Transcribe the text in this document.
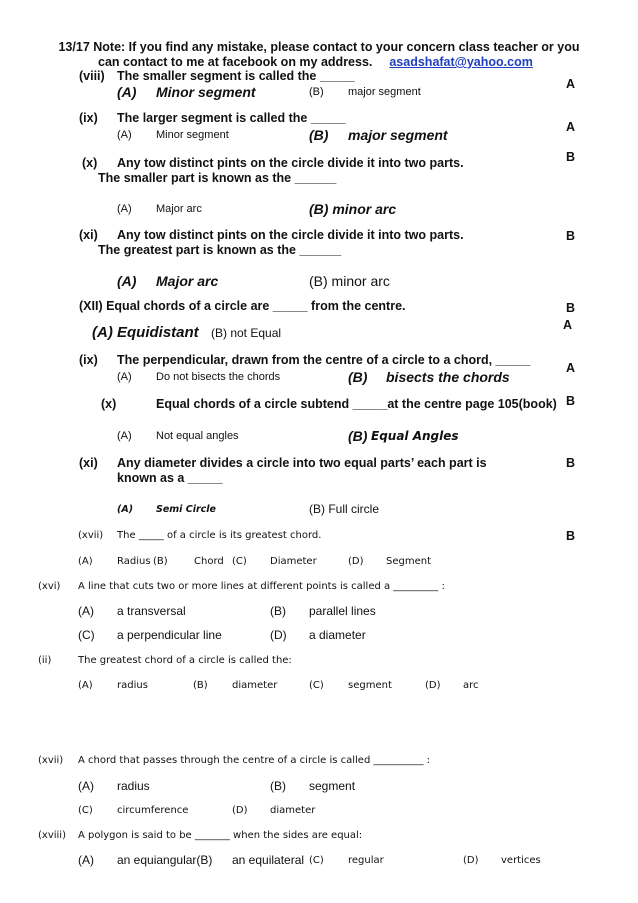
13/17 Note: If you find any mistake, please contact to your concern class teacher or you
can contact to me at facebook on my address. asadshafat@yahoo.com
(viii) The smaller segment is called the _____
(A) Minor segment	(B) major segment
A
(ix) The larger segment is called the _____
(A) Minor segment	(B) major segment	A
(x) Any tow distinct pints on the circle divide it into two parts.
The smaller part is known as the ______
(A) Major arc	(B) minor arc
B
(xi) Any tow distinct pints on the circle divide it into two parts.
The greatest part is known as the ______
(A) Major arc	(B) minor arc
B
(XII) Equal chords of a circle are _____ from the centre.	B
(A) Equidistant (B) not Equal
A
(ix) The perpendicular, drawn from the centre of a circle to a chord, _____
(A) Do not bisects the chords	(B) bisects the chords
A
(x)	Equal chords of a circle subtend _____at the centre page 105(book) B
(A) Not equal angles	(B) Equal Angles
(xi) Any diameter divides a circle into two equal parts’ each part is
known as a _____
B
(A) Semi Circle	(B) Full circle
(xvii) The _____ of a circle is its greatest chord.	B
(A) Radius (B)	Chord (C) Diameter	(D) Segment
(xvi) A line that cuts two or more lines at different points is called a _________ :
(A) a transversal	(B) parallel lines
(C) a perpendicular line	(D) a diameter
(ii)	The greatest chord of a circle is called the:
(A) radius	(B) diameter	(C) segment	(D) arc
(xvii) A chord that passes through the centre of a circle is called __________ :
(A) radius	(B) segment
(C) circumference	(D) diameter
(xviii) A polygon is said to be _______ when the sides are equal:
(A) an equiangular(B) an equilateral (C) regular	(D) vertices
